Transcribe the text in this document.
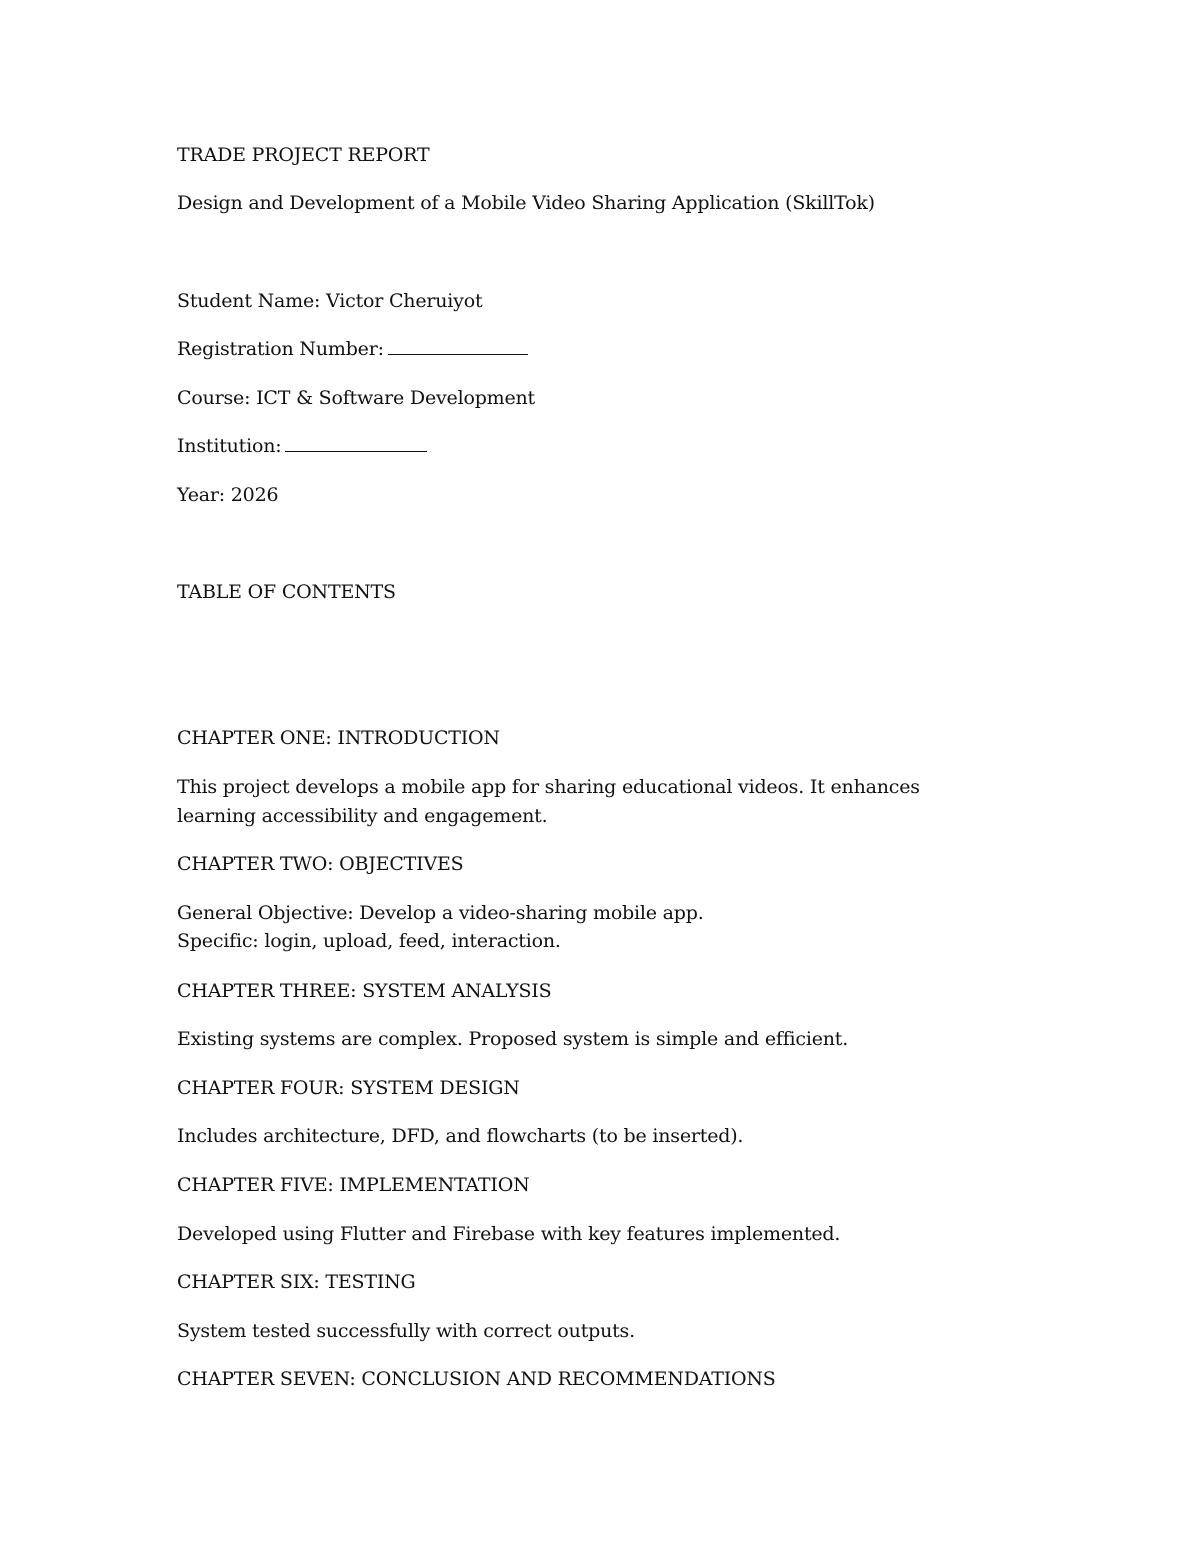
TRADE PROJECT REPORT

Design and Development of a Mobile Video Sharing Application (SkillTok)

Student Name: Victor Cheruiyot

Registration Number:

Course: ICT & Software Development

Institution:

Year: 2026

TABLE OF CONTENTS

CHAPTER ONE: INTRODUCTION

This project develops a mobile app for sharing educational videos. It enhances learning accessibility and engagement.

CHAPTER TWO: OBJECTIVES

General Objective: Develop a video-sharing mobile app.

Specific: login, upload, feed, interaction.

CHAPTER THREE: SYSTEM ANALYSIS

Existing systems are complex. Proposed system is simple and efficient.

CHAPTER FOUR: SYSTEM DESIGN

Includes architecture, DFD, and flowcharts (to be inserted).

CHAPTER FIVE: IMPLEMENTATION

Developed using Flutter and Firebase with key features implemented.

CHAPTER SIX: TESTING

System tested successfully with correct outputs.

CHAPTER SEVEN: CONCLUSION AND RECOMMENDATIONS
